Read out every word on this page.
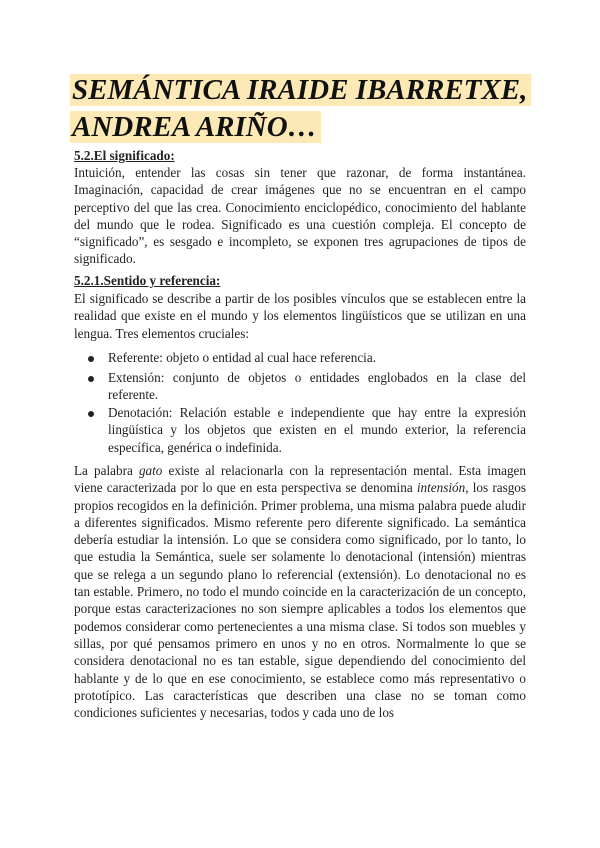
SEMÁNTICA IRAIDE IBARRETXE,
ANDREA ARIÑO…
5.2.El significado:
Intuición, entender las cosas sin tener que razonar, de forma instantánea. Imaginación, capacidad de crear imágenes que no se encuentran en el campo perceptivo del que las crea. Conocimiento enciclopédico, conocimiento del hablante del mundo que le rodea. Significado es una cuestión compleja. El concepto de “significado”, es sesgado e incompleto, se exponen tres agrupaciones de tipos de significado.
5.2.1.Sentido y referencia:
El significado se describe a partir de los posibles vínculos que se establecen entre la realidad que existe en el mundo y los elementos lingüísticos que se utilizan en una lengua. Tres elementos cruciales:
Referente: objeto o entidad al cual hace referencia.
Extensión: conjunto de objetos o entidades englobados en la clase del referente.
Denotación: Relación estable e independiente que hay entre la expresión lingüística y los objetos que existen en el mundo exterior, la referencia específica, genérica o indefinida.
La palabra gato existe al relacionarla con la representación mental. Esta imagen viene caracterizada por lo que en esta perspectiva se denomina intensión, los rasgos propios recogidos en la definición. Primer problema, una misma palabra puede aludir a diferentes significados. Mismo referente pero diferente significado. La semántica debería estudiar la intensión. Lo que se considera como significado, por lo tanto, lo que estudia la Semántica, suele ser solamente lo denotacional (intensión) mientras que se relega a un segundo plano lo referencial (extensión). Lo denotacional no es tan estable. Primero, no todo el mundo coincide en la caracterización de un concepto, porque estas caracterizaciones no son siempre aplicables a todos los elementos que podemos considerar como pertenecientes a una misma clase. Si todos son muebles y sillas, por qué pensamos primero en unos y no en otros. Normalmente lo que se considera denotacional no es tan estable, sigue dependiendo del conocimiento del hablante y de lo que en ese conocimiento, se establece como más representativo o prototípico. Las características que describen una clase no se toman como condiciones suficientes y necesarias, todos y cada uno de los
